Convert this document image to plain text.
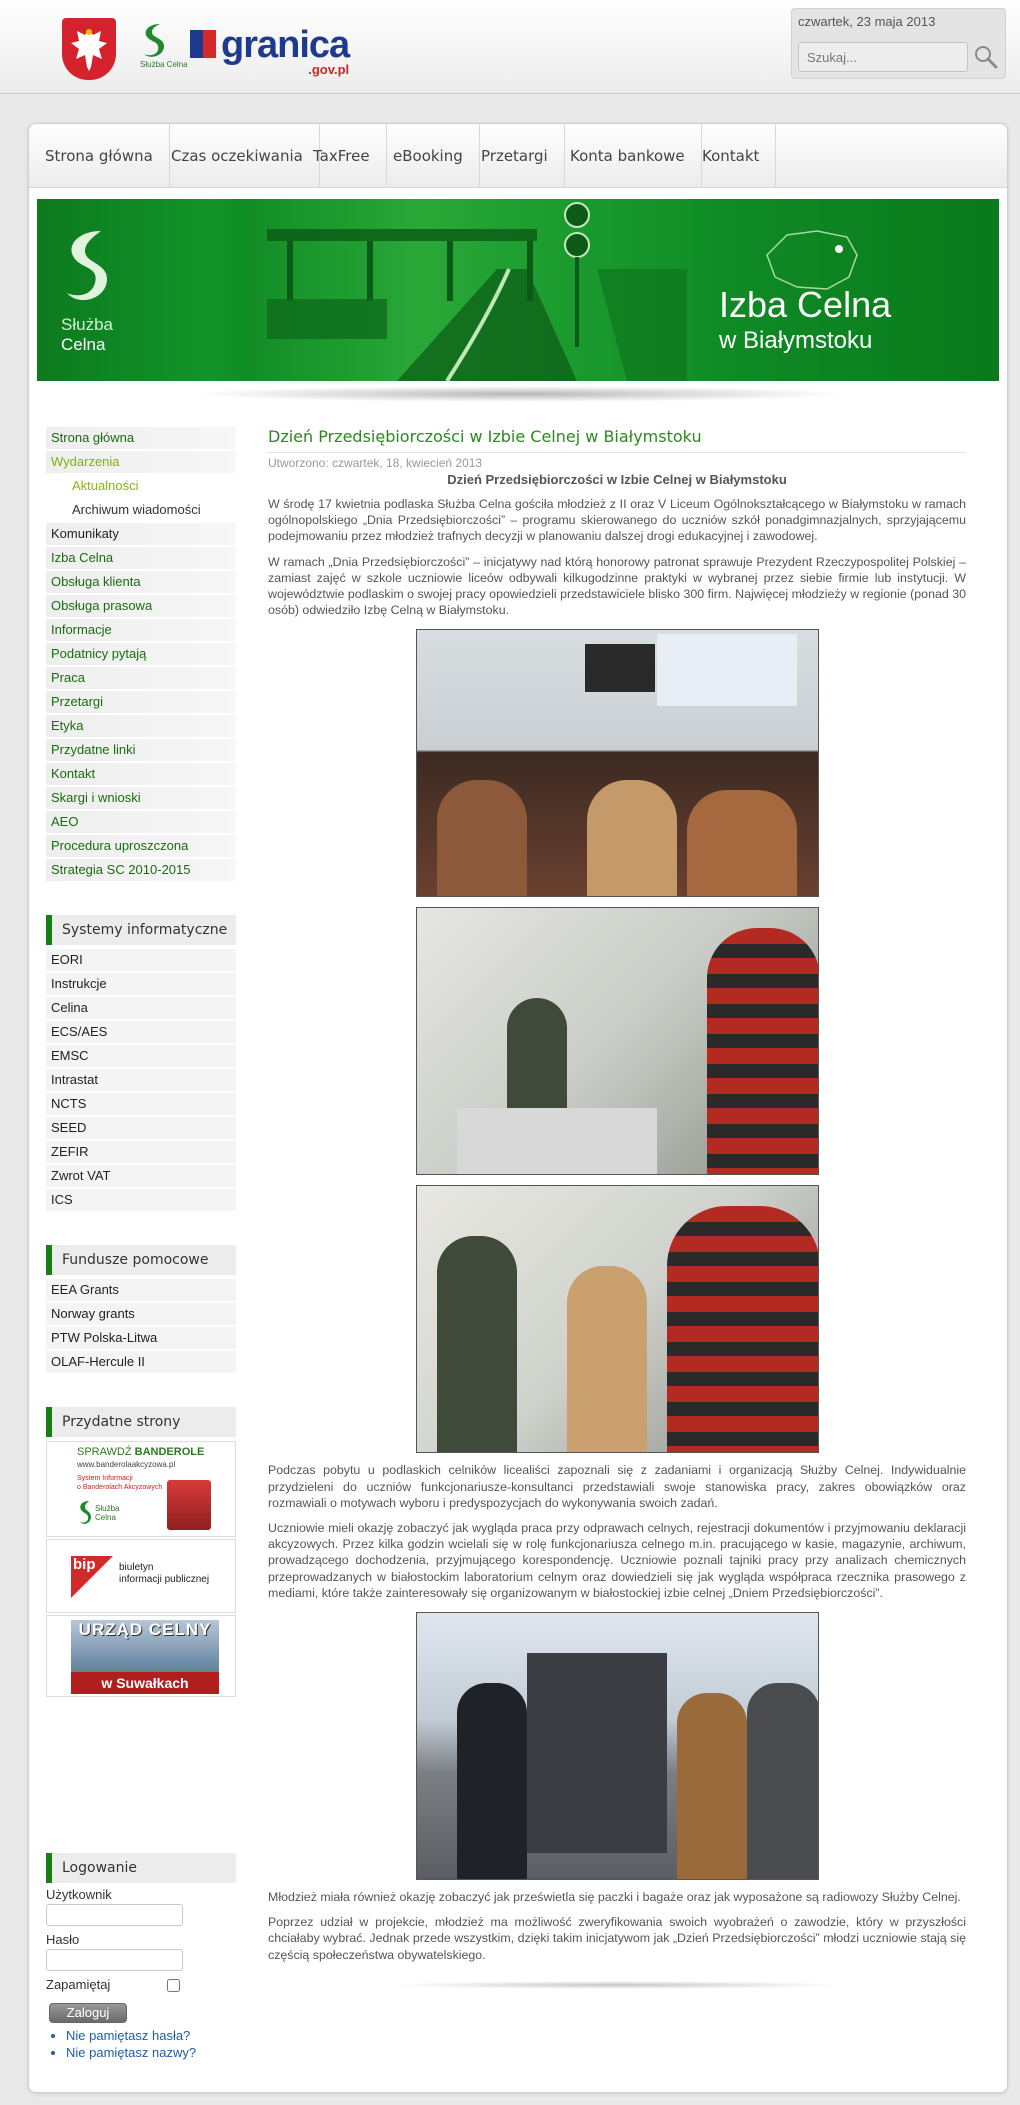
Służba Celna granica
.gov.pl
czwartek, 23 maja 2013
Szukaj...
Strona główna	Czas oczekiwania TaxFree	eBooking	Przetargi	Konta bankowe	Kontakt
Służba
Celna
Izba Celna
w Białymstoku
Strona główna
Wydarzenia
Aktualności
Archiwum wiadomości
Komunikaty
Izba Celna
Obsługa klienta
Obsługa prasowa
Informacje
Podatnicy pytają
Praca
Przetargi
Etyka
Przydatne linki
Kontakt
Skargi i wnioski
AEO
Procedura uproszczona
Strategia SC 2010-2015
Systemy informatyczne
EORI
Instrukcje
Celina
ECS/AES
EMSC
Intrastat
NCTS
SEED
ZEFIR
Zwrot VAT
ICS
Fundusze pomocowe
EEA Grants
Norway grants
PTW Polska-Litwa
OLAF-Hercule II
Przydatne strony
SPRAWDŹ BANDEROLE
www.banderolaakcyzowa.pl
System Informacji
o Banderolach Akcyzowych
Służba
Celna
bip biuletyn
informacji publicznej
URZĄD CELNY
w Suwałkach
Logowanie
Użytkownik
Hasło
Zapamiętaj
Zaloguj
• Nie pamiętasz hasła?
• Nie pamiętasz nazwy?
Dzień Przedsiębiorczości w Izbie Celnej w Białymstoku
Utworzono: czwartek, 18, kwiecień 2013
Dzień Przedsiębiorczości w Izbie Celnej w Białymstoku

W środę 17 kwietnia podlaska Służba Celna gościła młodzież z II oraz V Liceum Ogólnokształcącego w Białymstoku w ramach ogólnopolskiego „Dnia Przedsiębiorczości” – programu skierowanego do uczniów szkół ponadgimnazjalnych, sprzyjającemu podejmowaniu przez młodzież trafnych decyzji w planowaniu dalszej drogi edukacyjnej i zawodowej.

W ramach „Dnia Przedsiębiorczości” – inicjatywy nad którą honorowy patronat sprawuje Prezydent Rzeczypospolitej Polskiej – zamiast zajęć w szkole uczniowie liceów odbywali kilkugodzinne praktyki w wybranej przez siebie firmie lub instytucji. W województwie podlaskim o swojej pracy opowiedzieli przedstawiciele blisko 300 firm. Najwięcej młodzieży w regionie (ponad 30 osób) odwiedziło Izbę Celną w Białymstoku.

Podczas pobytu u podlaskich celników licealiści zapoznali się z zadaniami i organizacją Służby Celnej. Indywidualnie przydzieleni do uczniów funkcjonariusze-konsultanci przedstawiali swoje stanowiska pracy, zakres obowiązków oraz rozmawiali o motywach wyboru i predyspozycjach do wykonywania swoich zadań.

Uczniowie mieli okazję zobaczyć jak wygląda praca przy odprawach celnych, rejestracji dokumentów i przyjmowaniu deklaracji akcyzowych. Przez kilka godzin wcielali się w rolę funkcjonariusza celnego m.in. pracującego w kasie, magazynie, archiwum, prowadzącego dochodzenia, przyjmującego korespondencję. Uczniowie poznali tajniki pracy przy analizach chemicznych przeprowadzanych w białostockim laboratorium celnym oraz dowiedzieli się jak wygląda współpraca rzecznika prasowego z mediami, które także zainteresowały się organizowanym w białostockiej izbie celnej „Dniem Przedsiębiorczości”.

Młodzież miała również okazję zobaczyć jak prześwietla się paczki i bagaże oraz jak wyposażone są radiowozy Służby Celnej.

Poprzez udział w projekcie, młodzież ma możliwość zweryfikowania swoich wyobrażeń o zawodzie, który w przyszłości chciałaby wybrać. Jednak przede wszystkim, dzięki takim inicjatywom jak „Dzień Przedsiębiorczości” młodzi uczniowie stają się częścią społeczeństwa obywatelskiego.
